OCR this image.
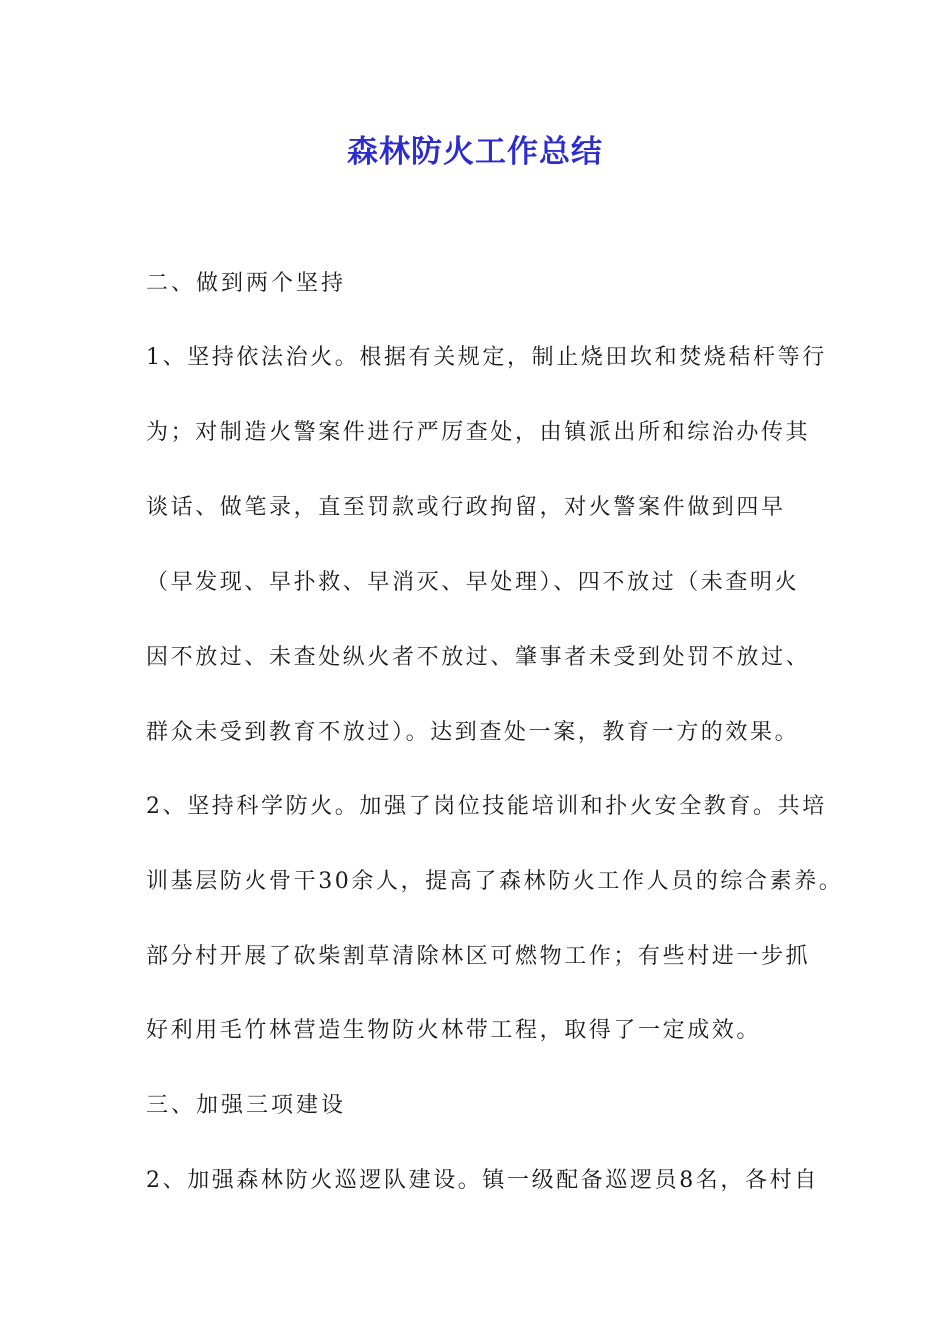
森林防火工作总结
二、做到两个坚持
1、坚持依法治火。根据有关规定，制止烧田坎和焚烧秸杆等行
为；对制造火警案件进行严厉查处，由镇派出所和综治办传其
谈话、做笔录，直至罚款或行政拘留，对火警案件做到四早
（早发现、早扑救、早消灭、早处理）、四不放过（未查明火
因不放过、未查处纵火者不放过、肇事者未受到处罚不放过、
群众未受到教育不放过）。达到查处一案，教育一方的效果。
2、坚持科学防火。加强了岗位技能培训和扑火安全教育。共培
训基层防火骨干30余人，提高了森林防火工作人员的综合素养。
部分村开展了砍柴割草清除林区可燃物工作；有些村进一步抓
好利用毛竹林营造生物防火林带工程，取得了一定成效。
三、加强三项建设
2、加强森林防火巡逻队建设。镇一级配备巡逻员8名，各村自
